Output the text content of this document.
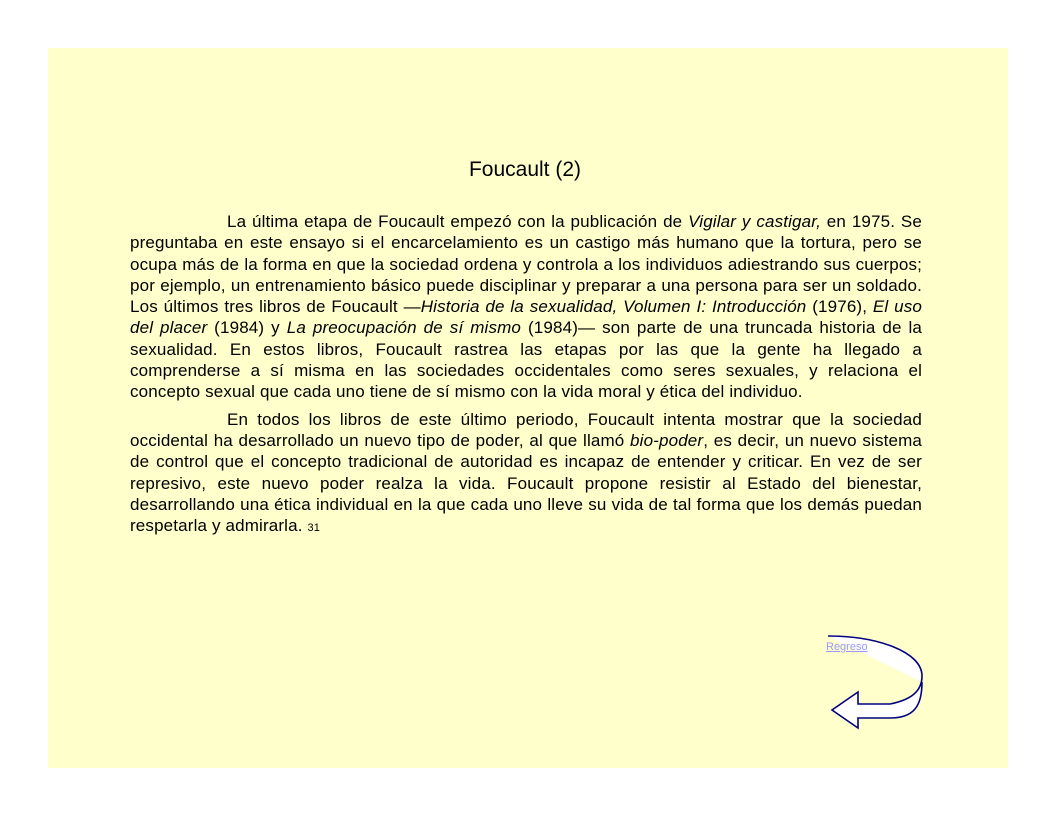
Foucault (2)

La última etapa de Foucault empezó con la publicación de Vigilar y castigar, en 1975. Se preguntaba en este ensayo si el encarcelamiento es un castigo más humano que la tortura, pero se ocupa más de la forma en que la sociedad ordena y controla a los individuos adiestrando sus cuerpos; por ejemplo, un entrenamiento básico puede disciplinar y preparar a una persona para ser un soldado. Los últimos tres libros de Foucault —Historia de la sexualidad, Volumen I: Introducción (1976), El uso del placer (1984) y La preocupación de sí mismo (1984)— son parte de una truncada historia de la sexualidad. En estos libros, Foucault rastrea las etapas por las que la gente ha llegado a comprenderse a sí misma en las sociedades occidentales como seres sexuales, y relaciona el concepto sexual que cada uno tiene de sí mismo con la vida moral y ética del individuo.

En todos los libros de este último periodo, Foucault intenta mostrar que la sociedad occidental ha desarrollado un nuevo tipo de poder, al que llamó bio-poder, es decir, un nuevo sistema de control que el concepto tradicional de autoridad es incapaz de entender y criticar. En vez de ser represivo, este nuevo poder realza la vida. Foucault propone resistir al Estado del bienestar, desarrollando una ética individual en la que cada uno lleve su vida de tal forma que los demás puedan respetarla y admirarla. 31

Regreso
